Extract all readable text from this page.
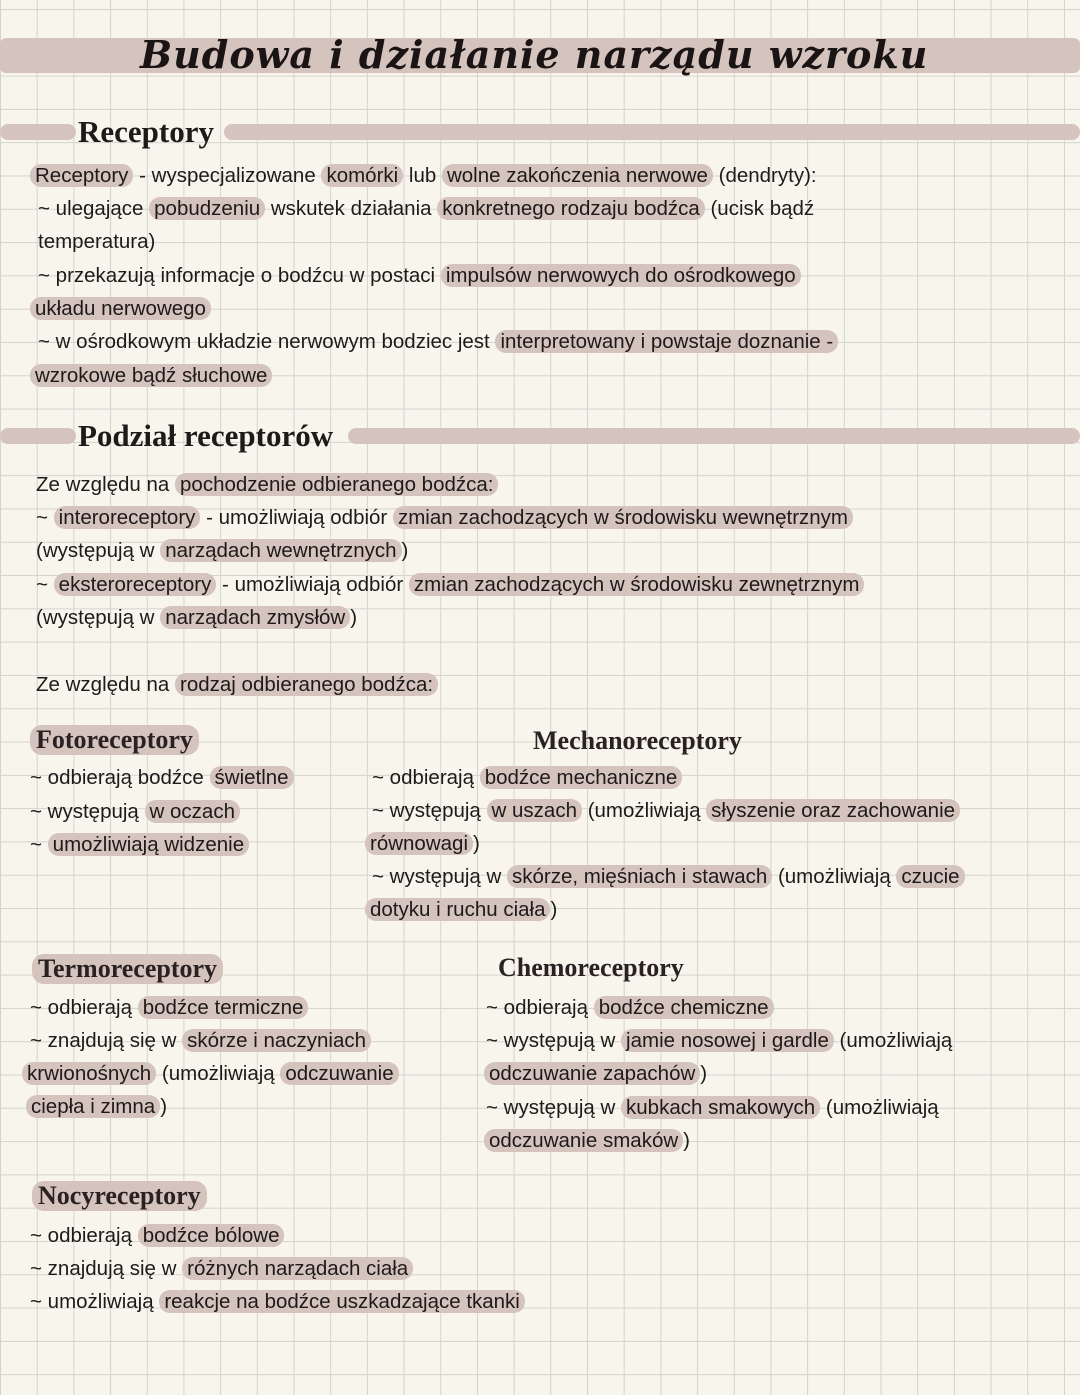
Budowa i działanie narządu wzroku
Receptory
Podział receptorów
Fotoreceptory	Mechanoreceptory
Termoreceptory	Chemoreceptory
Nocyreceptory
Receptory - wyspecjalizowane komórki lub wolne zakończenia nerwowe (dendryty):
~ ulegające pobudzeniu wskutek działania konkretnego rodzaju bodźca (ucisk bądź
temperatura)
~ przekazują informacje o bodźcu w postaci impulsów nerwowych do ośrodkowego
układu nerwowego
~ w ośrodkowym układzie nerwowym bodziec jest interpretowany i powstaje doznanie -
wzrokowe bądź słuchowe
Ze względu na pochodzenie odbieranego bodźca:
~ interoreceptory - umożliwiają odbiór zmian zachodzących w środowisku wewnętrznym
(występują w narządach wewnętrznych )
~ eksteroreceptory - umożliwiają odbiór zmian zachodzących w środowisku zewnętrznym
(występują w narządach zmysłów )
Ze względu na rodzaj odbieranego bodźca:
~ odbierają bodźce świetlne
~ występują w oczach
~ umożliwiają widzenie
~ odbierają bodźce mechaniczne
~ występują w uszach (umożliwiają słyszenie oraz zachowanie
równowagi )
~ występują w skórze, mięśniach i stawach (umożliwiają czucie
dotyku i ruchu ciała )
~ odbierają bodźce termiczne
~ znajdują się w skórze i naczyniach
krwionośnych (umożliwiają odczuwanie
ciepła i zimna )
~ odbierają bodźce chemiczne
~ występują w jamie nosowej i gardle (umożliwiają
odczuwanie zapachów )
~ występują w kubkach smakowych (umożliwiają
odczuwanie smaków )
~ odbierają bodźce bólowe
~ znajdują się w różnych narządach ciała
~ umożliwiają reakcje na bodźce uszkadzające tkanki
